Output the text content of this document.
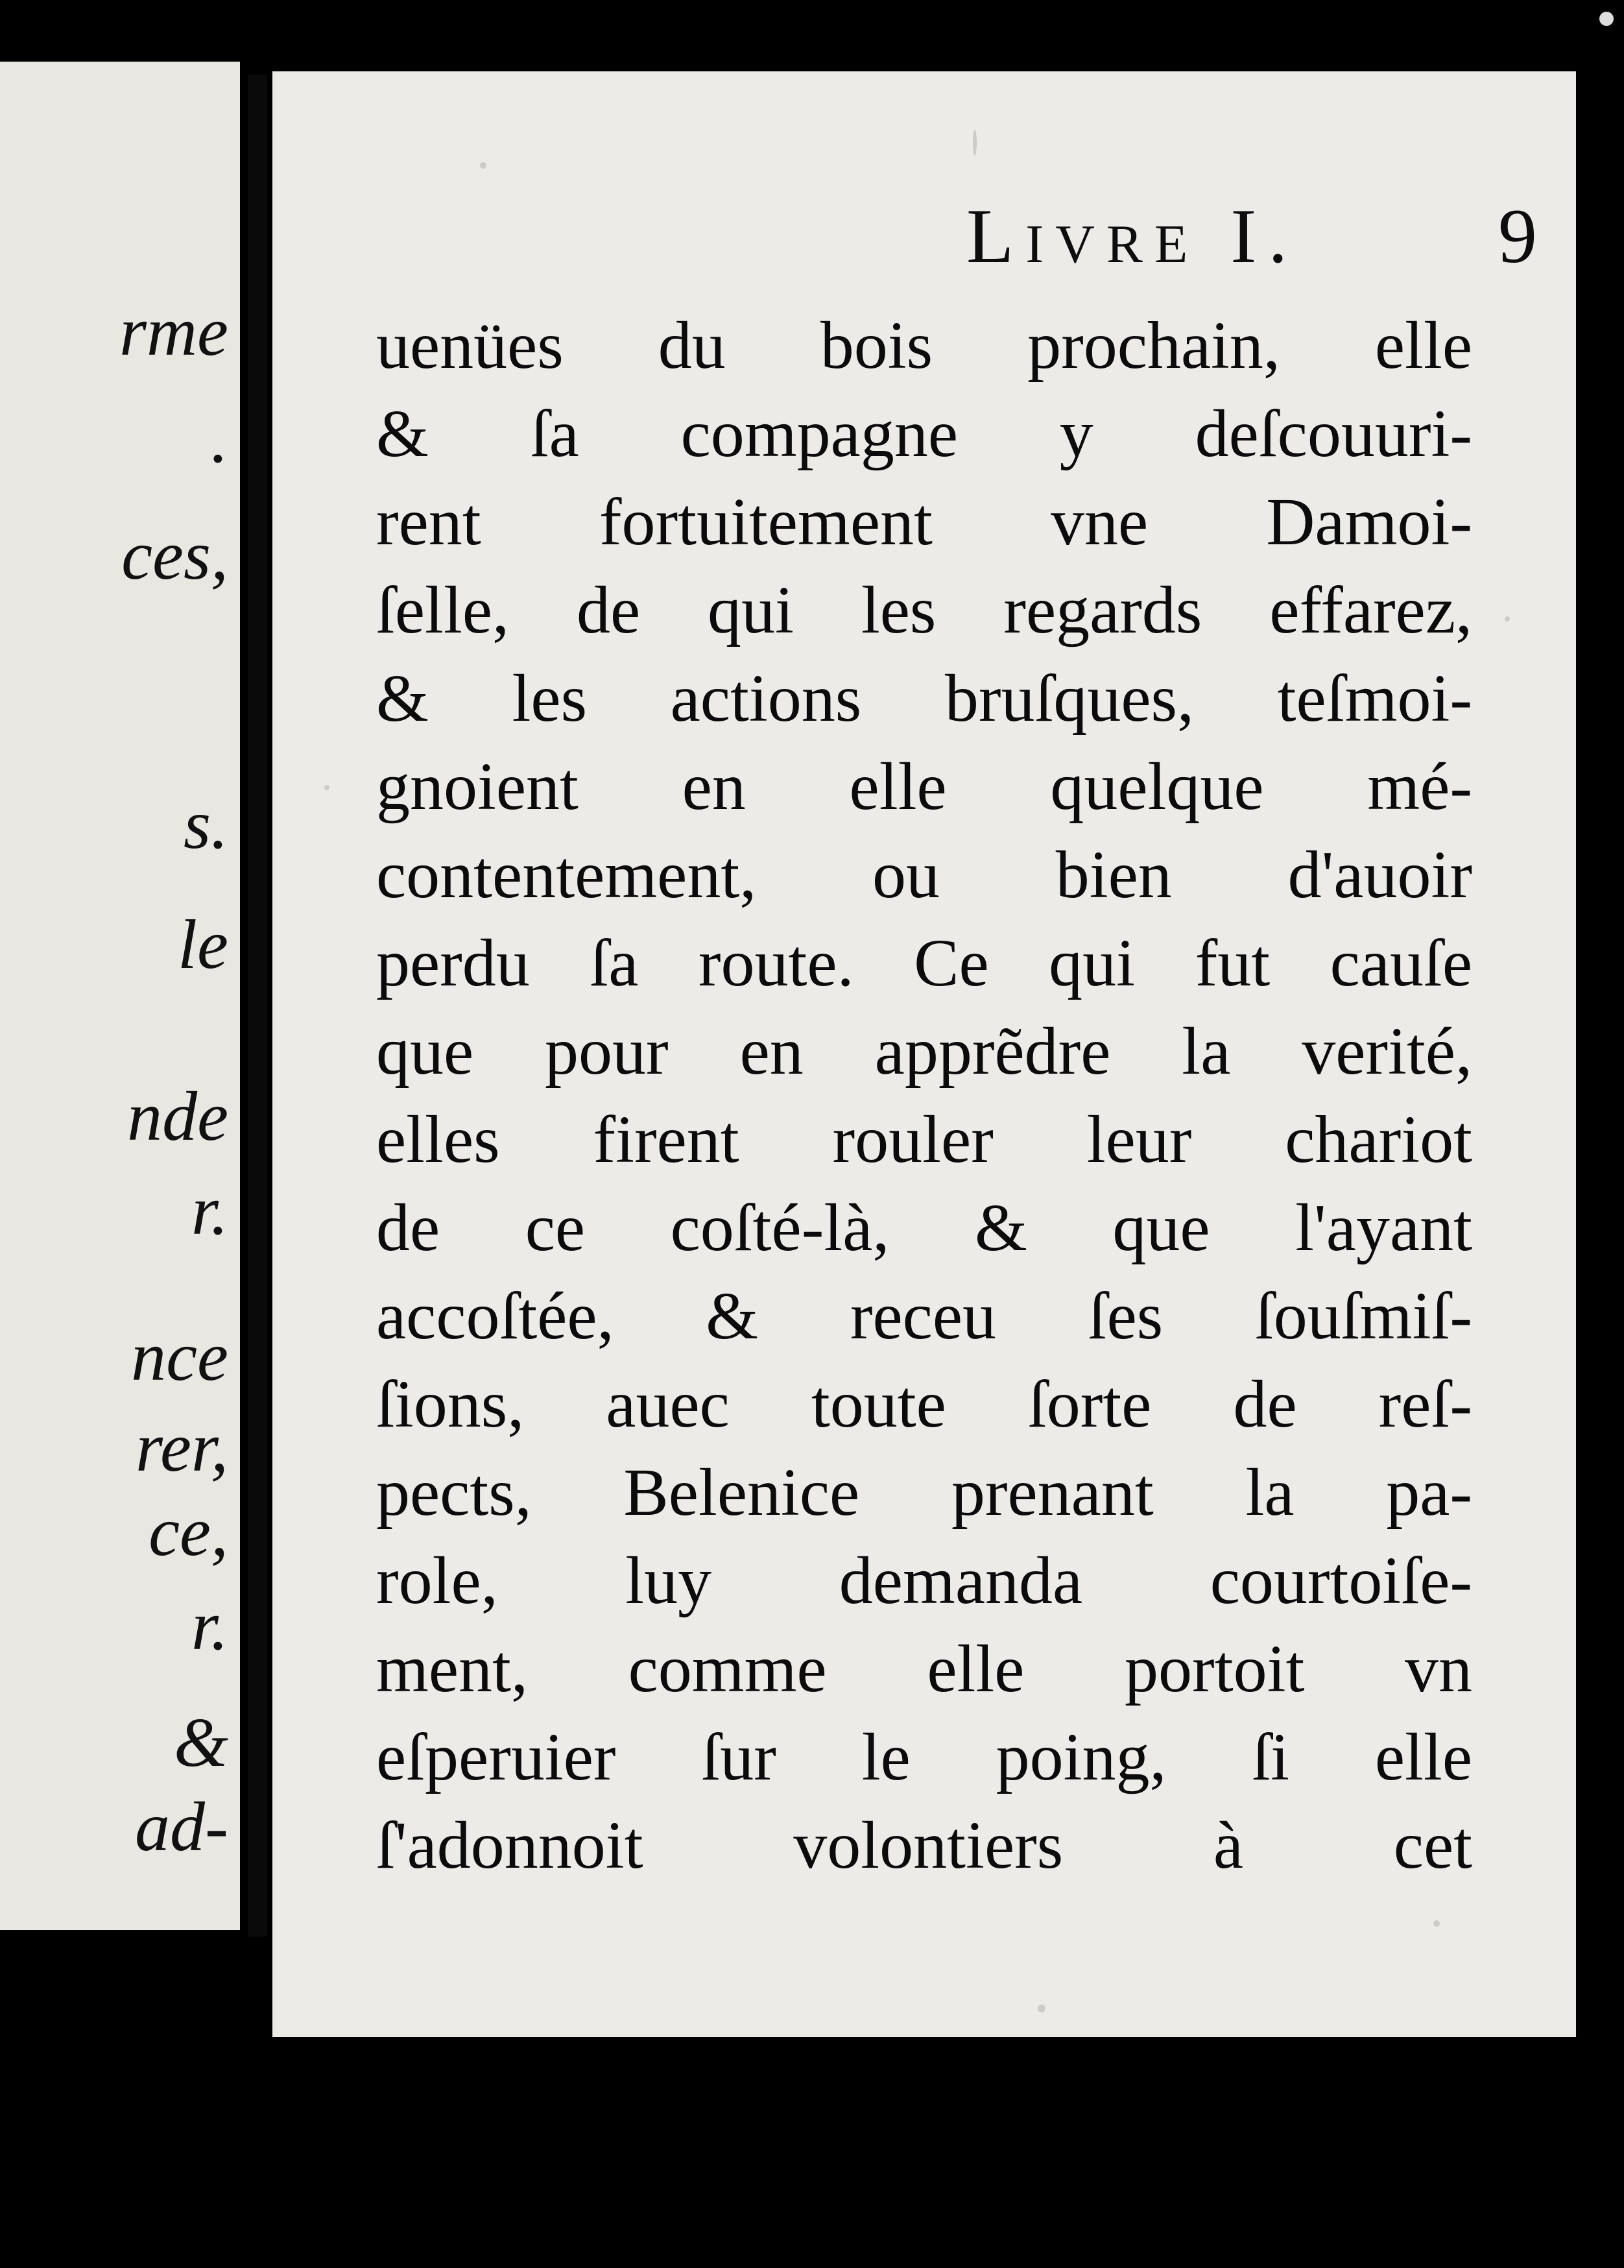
rme
.
ces,
s.
le
nde
r.
nce
rer,
ce,
r.
&
ad-
Livre I.	9
uenües du bois prochain, elle
& ſa compagne y deſcouuri-
rent fortuitement vne Damoi-
ſelle, de qui les regards effarez,
& les actions bruſques, teſmoi-
gnoient en elle quelque mé-
contentement, ou bien d'auoir
perdu ſa route. Ce qui fut cauſe
que pour en apprẽdre la verité,
elles firent rouler leur chariot
de ce coſté-là, & que l'ayant
accoſtée, & receu ſes ſouſmiſ-
ſions, auec toute ſorte de reſ-
pects, Belenice prenant la pa-
role, luy demanda courtoiſe-
ment, comme elle portoit vn
eſperuier ſur le poing, ſi elle
ſ'adonnoit volontiers à cet
